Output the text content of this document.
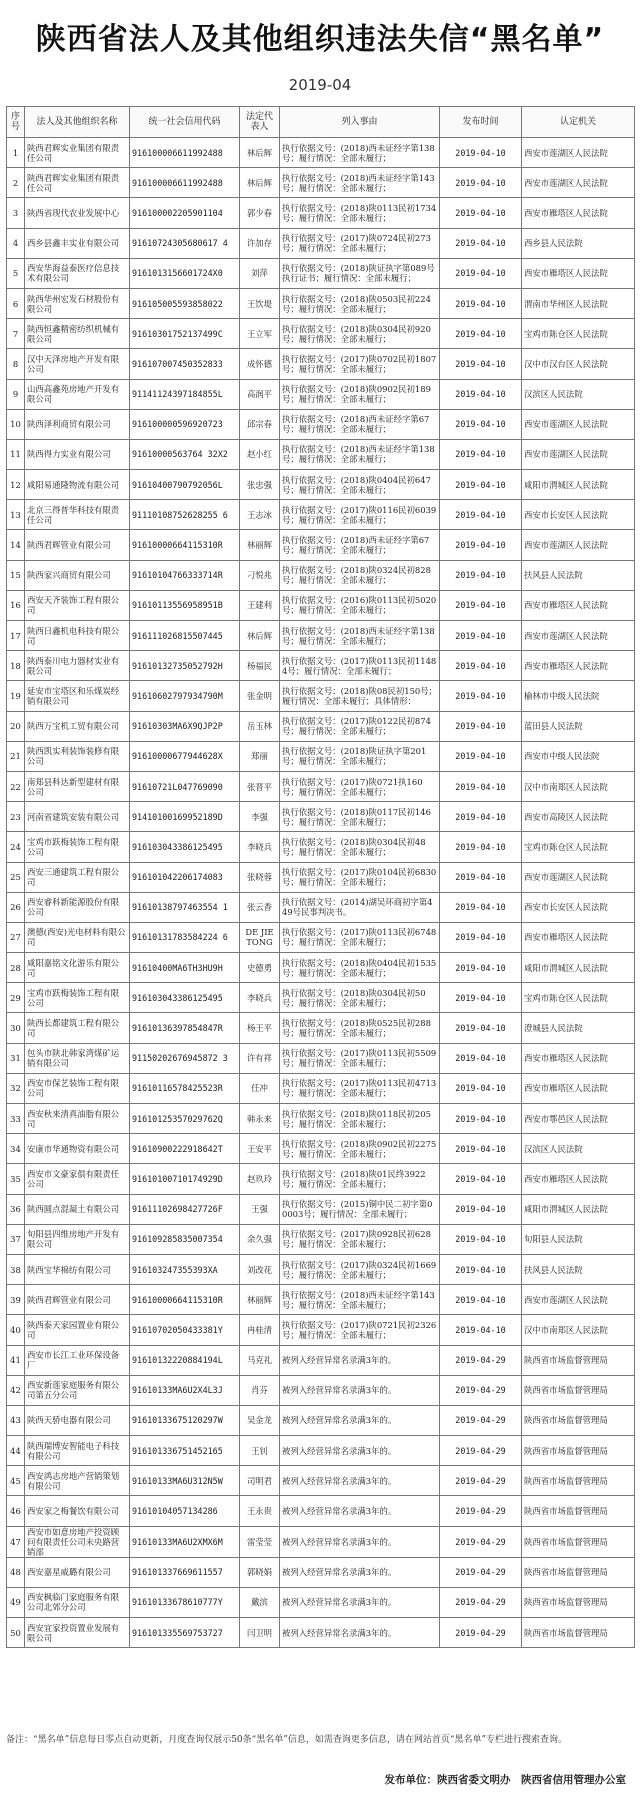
陕西省法人及其他组织违法失信“黑名单”
2019-04
序号	法人及其他组织名称	统一社会信用代码	法定代表人	列入事由	发布时间	认定机关
1	陕西君辉实业集团有限责任公司	916100006611992488	林后辉	执行依据文号：(2018)西未证经字第138号；履行情况：全部未履行；	2019-04-10	西安市莲湖区人民法院
2	陕西君辉实业集团有限责任公司	916100006611992488	林后辉	执行依据文号：(2018)西未证经字第143号；履行情况：全部未履行；	2019-04-10	西安市莲湖区人民法院
3	陕西省现代农业发展中心	916100002205901104	郭少春	执行依据文号：(2018)陕0113民初1734号；履行情况：全部未履行；	2019-04-10	西安市雁塔区人民法院
4	西乡县鑫丰实业有限公司	91610724305680617 4	许加存	执行依据文号：(2017)陕0724民初273号；履行情况：全部未履行；	2019-04-10	西乡县人民法院
5	西安华海益泰医疗信息技术有限公司	91610131566017​24X0	刘萍	执行依据文号：(2018)陕证执字第089号执行证书；履行情况：全部未履行；	2019-04-10	西安市雁塔区人民法院
6	陕西华州宏发石材股份有限公司	916105005593858022	王饮堤	执行依据文号：(2018)陕0503民初224号；履行情况：全部未履行；	2019-04-10	渭南市华州区人民法院
7	陕西恒鑫精密纺织机械有限公司	91610301752137499C	王立军	执行依据文号：(2018)陕0304民初920号；履行情况：全部未履行；	2019-04-10	宝鸡市陈仓区人民法院
8	汉中天泽房地产开发有限公司	916107007450352833	成怀德	执行依据文号：(2017)陕0702民初1807号；履行情况：全部未履行；	2019-04-10	汉中市汉台区人民法院
9	山西高鑫苑房地产开发有限公司	91141124397184855L	高润平	执行依据文号：(2018)陕0902民初189号；履行情况：全部未履行；	2019-04-10	汉滨区人民法院
10	陕西泽利商贸有限公司	916100000596920723	邱宗春	执行依据文号：(2018)西未证经字第67号；履行情况：全部未履行；	2019-04-10	西安市莲湖区人民法院
11	陕西得力实业有限公司	91610000563764 32X2	赵小红	执行依据文号：(2018)西未证经字第138号；履行情况：全部未履行；	2019-04-10	西安市莲湖区人民法院
12	咸阳易通隆物流有限公司	91610400790792056L	张忠强	执行依据文号：(2018)陕0404民初647号；履行情况：全部未履行；	2019-04-10	咸阳市渭城区人民法院
13	北京三得普华科技有限责任公司	91110108752628255 6	王志冰	执行依据文号：(2017)陕0116民初6039号；履行情况：全部未履行；	2019-04-10	西安市长安区人民法院
14	陕西君辉管业有限公司	91610000664115310R	林丽辉	执行依据文号：(2018)西未证经字第67号；履行情况：全部未履行；	2019-04-10	西安市莲湖区人民法院
15	陕西家兴商贸有限公司	91610104766333714R	刁悦兆	执行依据文号：(2018)陕0324民初828号；履行情况：全部未履行；	2019-04-10	扶风县人民法院
16	西安天齐装饰工程有限公司	91610113556958951B	王建利	执行依据文号：(2016)陕0113民初5020号；履行情况：全部未履行；	2019-04-10	西安市雁塔区人民法院
17	陕西日鑫机电科技有限公司	916111026815507445	林后辉	执行依据文号：(2018)西未证经字第138号；履行情况：全部未履行；	2019-04-10	西安市莲湖区人民法院
18	陕西泰川电力器材实业有限公司	91610132735052792H	杨福民	执行依据文号：(2017)陕0113民初11484号；履行情况：全部未履行；	2019-04-10	西安市雁塔区人民法院
19	延安市宝塔区和乐煤炭经销有限公司	91610602797934790M	张金明	执行依据文号：(2018)陕08民初150号；履行情况：全部未履行；具体情形：	2019-04-10	榆林市中级人民法院
20	陕西万宝机工贸有限公司	91610303MA6X9QJP2P	岳玉林	执行依据文号：(2017)陕0122民初874号；履行情况：全部未履行；	2019-04-10	蓝田县人民法院
21	陕西凯实利装饰装修有限公司	91610000677944628X	郑丽	执行依据文号：(2018)陕证执字第201号；履行情况：全部未履行；	2019-04-10	西安市中级人民法院
22	南郑县科达新型建材有限公司	91610721L047769090	张晋平	执行依据文号：(2017)陕0721执160号；履行情况：全部未履行；	2019-04-10	汉中市南郑区人民法院
23	河南省建筑安装有限公司	91410100169952189D	李强	执行依据文号：(2018)陕0117民初146号；履行情况：全部未履行；	2019-04-10	西安市高陵区人民法院
24	宝鸡市跃梅装饰工程有限公司	916103043386125495	李晓兵	执行依据文号：(2018)陕0304民初48号；履行情况：全部未履行；	2019-04-10	宝鸡市陈仓区人民法院
25	西安三通建筑工程有限公司	916101042206174083	张晓蓉	执行依据文号：(2017)陕0104民初6830号；履行情况：全部未履行；	2019-04-10	西安市莲湖区人民法院
26	西安睿科新能源股份有限公司	91610138797463554 1	张云香	执行依据文号：(2014)湖吴环商初字第449号民事判决书。	2019-04-10	西安市长安区人民法院
27	澳德(西安)光电材料有限公司	91610131783584224 6	DE JIE TONG	执行依据文号：(2017)陕0113民初6748号；履行情况：全部未履行；	2019-04-10	西安市雁塔区人民法院
28	咸阳嘉铭文化游乐有限公司	91610400MA6TH3HU9H	史德勇	执行依据文号：(2018)陕0404民初1535号；履行情况：全部未履行；	2019-04-10	咸阳市渭城区人民法院
29	宝鸡市跃梅装饰工程有限公司	916103043386125495	李晓兵	执行依据文号：(2018)陕0304民初50号；履行情况：全部未履行；	2019-04-10	宝鸡市陈仓区人民法院
30	陕西长都建筑工程有限公司	91610136397854847R	杨王平	执行依据文号：(2018)陕0525民初288号；履行情况：全部未履行；	2019-04-10	澄城县人民法院
31	包头市陕北韩家湾煤矿运销有限公司	91150202676945872 3	许有祥	执行依据文号：(2017)陕0113民初5509号；履行情况：全部未履行；	2019-04-10	西安市雁塔区人民法院
32	西安市保艺装饰工程有限公司	91610116578425523R	任冲	执行依据文号：(2017)陕0113民初4713号；履行情况：全部未履行；	2019-04-10	西安市雁塔区人民法院
33	西安秋来清真油脂有限公司	91610125357029762Q	韩永来	执行依据文号：(2018)陕0118民初205号；履行情况：全部未履行；	2019-04-10	西安市鄠邑区人民法院
34	安康市华通物资有限公司	91610900222918642T	王安平	执行依据文号：(2018)陕0902民初2275号；履行情况：全部未履行；	2019-04-10	汉滨区人民法院
35	西安市文豪家俱有限责任公司	91610100710174929D	赵玖玲	执行依据文号：(2018)陕01民终3922号；履行情况：全部未履行；	2019-04-10	西安市雁塔区人民法院
36	陕西圆点混凝土有限公司	91611102698427726F	王强	执行依据文号：(2015)铜中民二初字第00003号；履行情况：全部未履行；	2019-04-10	咸阳市渭城区人民法院
37	旬阳县四维房地产开发有限公司	916109285835007354	余久强	执行依据文号：(2017)陕0928民初628号；履行情况：全部未履行；	2019-04-10	旬阳县人民法院
38	陕西宝华棉纺有限公司	91610324735539​3XA	刘改花	执行依据文号：(2017)陕0324民初1669号；履行情况：全部未履行；	2019-04-10	扶风县人民法院
39	陕西君辉管业有限公司	91610000664115310R	林丽辉	执行依据文号：(2018)西未证经字第143号；履行情况：全部未履行；	2019-04-10	西安市莲湖区人民法院
40	陕西泰天家园置业有限公司	91610702050433381Y	冉桂清	执行依据文号：(2017)陕0721民初2326号；履行情况：全部未履行；	2019-04-10	汉中市南郑区人民法院
41	西安市长江工业环保设备厂	91610132220884194L	马克礼	被列入经营异常名录满3年的。	2019-04-29	陕西省市场监督管理局
42	西安新莲家庭服务有限公司第五分公司	91610133MA6U2X4L3J	肖芬	被列入经营异常名录满3年的。	2019-04-29	陕西省市场监督管理局
43	陕西天骄电器有限公司	91610133675120297W	吴金龙	被列入经营异常名录满3年的。	2019-04-29	陕西省市场监督管理局
44	陕西瑞博安智能电子科技有限公司	916101336751452165	王钊	被列入经营异常名录满3年的。	2019-04-29	陕西省市场监督管理局
45	西安鸿志房地产营销策划有限公司	91610133MA6U312N5W	司明君	被列入经营异常名录满3年的。	2019-04-29	陕西省市场监督管理局
46	西安家之梅餐饮有限公司	91610104057134286	王永贵	被列入经营异常名录满3年的。	2019-04-29	陕西省市场监督管理局
47	西安市如意房地产投资顾问有限责任公司未央路营销部	91610133MA6U2XMX6M	雷莹莹	被列入经营异常名录满3年的。	2019-04-29	陕西省市场监督管理局
48	西安嘉星威璐有限公司	916101337669611557	郭晓娟	被列入经营异常名录满3年的。	2019-04-29	陕西省市场监督管理局
49	西安枫临门家庭服务有限公司北郊分公司	91610133678610777Y	戴滨	被列入经营异常名录满3年的。	2019-04-29	陕西省市场监督管理局
50	西安宜家投资置业发展有限公司	916101335569753727	闫卫明	被列入经营异常名录满3年的。	2019-04-29	陕西省市场监督管理局
备注：“黑名单”信息每日零点自动更新，月度查询仅展示50条“黑名单”信息，如需查询更多信息，请在网站首页“黑名单”专栏进行搜索查询。
发布单位：陕西省委文明办　陕西省信用管理办公室
